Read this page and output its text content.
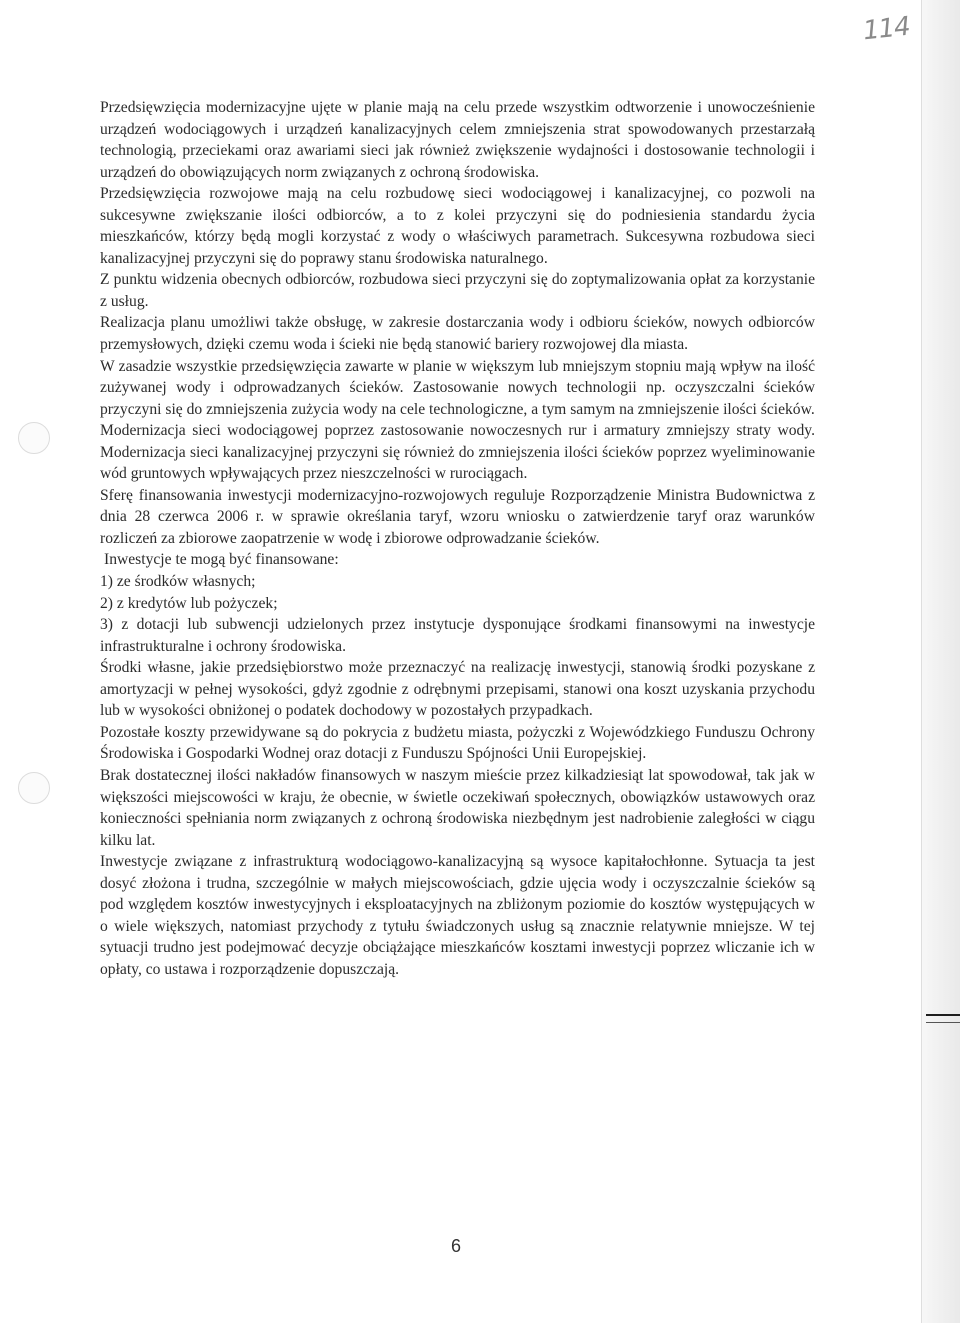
114

Przedsięwzięcia modernizacyjne ujęte w planie mają na celu przede wszystkim odtworzenie i unowocześnienie urządzeń wodociągowych i urządzeń kanalizacyjnych celem zmniejszenia strat spowodowanych przestarzałą technologią, przeciekami oraz awariami sieci jak również zwiększenie wydajności i dostosowanie technologii i urządzeń do obowiązujących norm związanych z ochroną środowiska.

Przedsięwzięcia rozwojowe mają na celu rozbudowę sieci wodociągowej i kanalizacyjnej, co pozwoli na sukcesywne zwiększanie ilości odbiorców, a to z kolei przyczyni się do podniesienia standardu życia mieszkańców, którzy będą mogli korzystać z wody o właściwych parametrach. Sukcesywna rozbudowa sieci kanalizacyjnej przyczyni się do poprawy stanu środowiska naturalnego.

Z punktu widzenia obecnych odbiorców, rozbudowa sieci przyczyni się do zoptymalizowania opłat za korzystanie z usług.

Realizacja planu umożliwi także obsługę, w zakresie dostarczania wody i odbioru ścieków, nowych odbiorców przemysłowych, dzięki czemu woda i ścieki nie będą stanowić bariery rozwojowej dla miasta.

W zasadzie wszystkie przedsięwzięcia zawarte w planie w większym lub mniejszym stopniu mają wpływ na ilość zużywanej wody i odprowadzanych ścieków. Zastosowanie nowych technologii np. oczyszczalni ścieków przyczyni się do zmniejszenia zużycia wody na cele technologiczne, a tym samym na zmniejszenie ilości ścieków.

Modernizacja sieci wodociągowej poprzez zastosowanie nowoczesnych rur i armatury zmniejszy straty wody. Modernizacja sieci kanalizacyjnej przyczyni się również do zmniejszenia ilości ścieków poprzez wyeliminowanie wód gruntowych wpływających przez nieszczelności w rurociągach.

Sferę finansowania inwestycji modernizacyjno-rozwojowych reguluje Rozporządzenie Ministra Budownictwa z dnia 28 czerwca 2006 r. w sprawie określania taryf, wzoru wniosku o zatwierdzenie taryf oraz warunków rozliczeń za zbiorowe zaopatrzenie w wodę i zbiorowe odprowadzanie ścieków.

Inwestycje te mogą być finansowane:

1) ze środków własnych;

2) z kredytów lub pożyczek;

3) z dotacji lub subwencji udzielonych przez instytucje dysponujące środkami finansowymi na inwestycje infrastrukturalne i ochrony środowiska.

Środki własne, jakie przedsiębiorstwo może przeznaczyć na realizację inwestycji, stanowią środki pozyskane z amortyzacji w pełnej wysokości, gdyż zgodnie z odrębnymi przepisami, stanowi ona koszt uzyskania przychodu lub w wysokości obniżonej o podatek dochodowy w pozostałych przypadkach.

Pozostałe koszty przewidywane są do pokrycia z budżetu miasta, pożyczki z Wojewódzkiego Funduszu Ochrony Środowiska i Gospodarki Wodnej oraz dotacji z Funduszu Spójności Unii Europejskiej.

Brak dostatecznej ilości nakładów finansowych w naszym mieście przez kilkadziesiąt lat spowodował, tak jak w większości miejscowości w kraju, że obecnie, w świetle oczekiwań społecznych, obowiązków ustawowych oraz konieczności spełniania norm związanych z ochroną środowiska niezbędnym jest nadrobienie zaległości w ciągu kilku lat.

Inwestycje związane z infrastrukturą wodociągowo-kanalizacyjną są wysoce kapitałochłonne. Sytuacja ta jest dosyć złożona i trudna, szczególnie w małych miejscowościach, gdzie ujęcia wody i oczyszczalnie ścieków są pod względem kosztów inwestycyjnych i eksploatacyjnych na zbliżonym poziomie do kosztów występujących w o wiele większych, natomiast przychody z tytułu świadczonych usług są znacznie relatywnie mniejsze. W tej sytuacji trudno jest podejmować decyzje obciążające mieszkańców kosztami inwestycji poprzez wliczanie ich w opłaty, co ustawa i rozporządzenie dopuszczają.

6
